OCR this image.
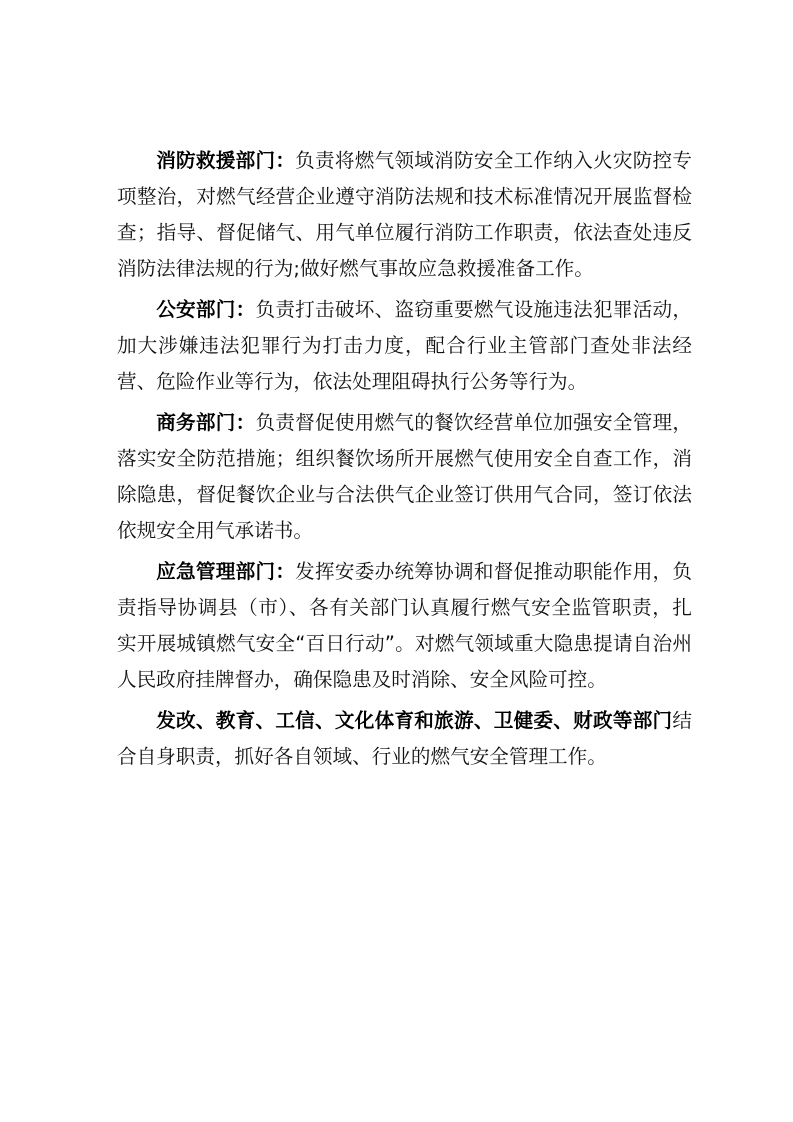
消防救援部门：负责将燃气领域消防安全工作纳入火灾防控专项整治，对燃气经营企业遵守消防法规和技术标准情况开展监督检查；指导、督促储气、用气单位履行消防工作职责，依法查处违反消防法律法规的行为;做好燃气事故应急救援准备工作。

公安部门：负责打击破坏、盗窃重要燃气设施违法犯罪活动，加大涉嫌违法犯罪行为打击力度，配合行业主管部门查处非法经营、危险作业等行为，依法处理阻碍执行公务等行为。

商务部门：负责督促使用燃气的餐饮经营单位加强安全管理，落实安全防范措施；组织餐饮场所开展燃气使用安全自查工作，消除隐患，督促餐饮企业与合法供气企业签订供用气合同，签订依法依规安全用气承诺书。

应急管理部门：发挥安委办统筹协调和督促推动职能作用，负责指导协调县（市）、各有关部门认真履行燃气安全监管职责，扎实开展城镇燃气安全“百日行动”。对燃气领域重大隐患提请自治州人民政府挂牌督办，确保隐患及时消除、安全风险可控。

发改、教育、工信、文化体育和旅游、卫健委、财政等部门结合自身职责，抓好各自领域、行业的燃气安全管理工作。
